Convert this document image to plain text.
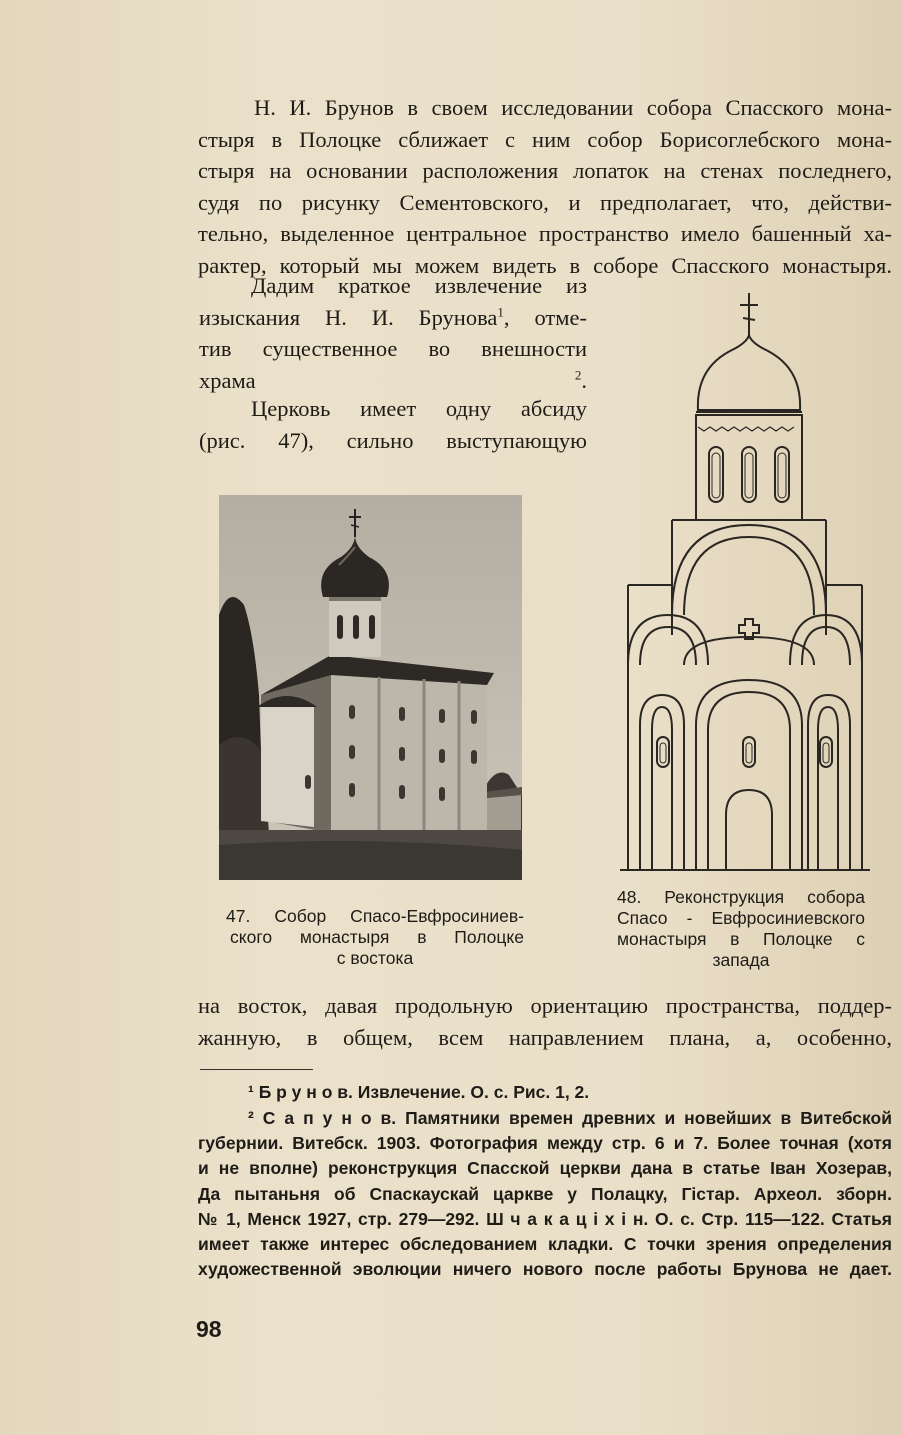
Н. И. Брунов в своем исследовании собора Спасского мона-
стыря в Полоцке сближает с ним собор Борисоглебского мона-
стыря на основании расположения лопаток на стенах последнего,
судя по рисунку Сементовского, и предполагает, что, действи-
тельно, выделенное центральное пространство имело башенный ха-
рактер, который мы можем видеть в соборе Спасского монастыря.
Дадим краткое извлечение из
изыскания Н. И. Брунова$^1$, отме-
тив существенное во внешности
храма	$^2$.
Церковь имеет одну абсиду
(рис. 47), сильно выступающую
47. Собор Спасо-Евфросиниев-
ского монастыря в Полоцке
с востока
48. Реконструкция собора
Спасо - Евфросиниевского
монастыря в Полоцке с
запада
на восток, давая продольную ориентацию пространства, поддер-
жанную, в общем, всем направлением плана, а, особенно,
¹ Б р у н о в. Извлечение. О. с. Рис. 1, 2.
² С а п у н о в. Памятники времен древних и новейших в Витебской
губернии. Витебск. 1903. Фотография между стр. 6 и 7. Более точная (хотя
и не вполне) реконструкция Спасской церкви дана в статье Іван Хозерав,
Да пытаньня об Спаскаускай царкве у Полацку, Гістар. Археол. зборн.
№ 1, Менск 1927, стр. 279—292. Ш ч а к а ц і х і н. О. с. Стр. 115—122. Статья
имеет также интерес обследованием кладки. С точки зрения определения
художественной эволюции ничего нового после работы Брунова не дает.
98
